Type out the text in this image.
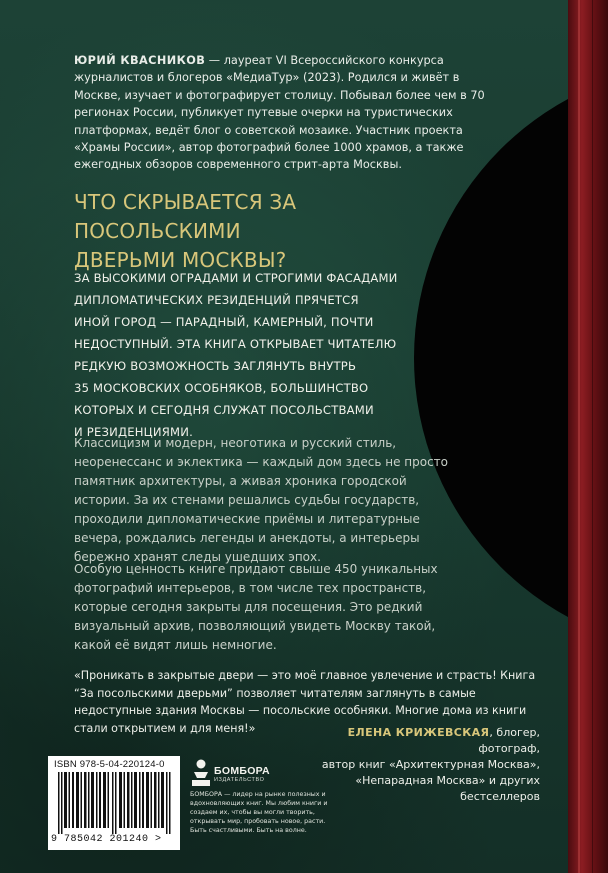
ЮРИЙ КВАСНИКОВ — лауреат VI Всероссийского конкурса журналистов и блогеров «МедиаТур» (2023). Родился и живёт в Москве, изучает и фотографирует столицу. Побывал более чем в 70 регионах России, публикует путевые очерки на туристических платформах, ведёт блог о советской мозаике. Участник проекта «Храмы России», автор фотографий более 1000 храмов, а также ежегодных обзоров современного стрит-арта Москвы.
ЧТО СКРЫВАЕТСЯ ЗА ПОСОЛЬСКИМИ
ДВЕРЬМИ МОСКВЫ?
ЗА ВЫСОКИМИ ОГРАДАМИ И СТРОГИМИ ФАСАДАМИ
ДИПЛОМАТИЧЕСКИХ РЕЗИДЕНЦИЙ ПРЯЧЕТСЯ
ИНОЙ ГОРОД — ПАРАДНЫЙ, КАМЕРНЫЙ, ПОЧТИ
НЕДОСТУПНЫЙ. ЭТА КНИГА ОТКРЫВАЕТ ЧИТАТЕЛЮ
РЕДКУЮ ВОЗМОЖНОСТЬ ЗАГЛЯНУТЬ ВНУТРЬ
35 МОСКОВСКИХ ОСОБНЯКОВ, БОЛЬШИНСТВО
КОТОРЫХ И СЕГОДНЯ СЛУЖАТ ПОСОЛЬСТВАМИ
И РЕЗИДЕНЦИЯМИ.
Классицизм и модерн, неоготика и русский стиль, неоренессанс и эклектика — каждый дом здесь не просто памятник архитектуры, а живая хроника городской истории. За их стенами решались судьбы государств, проходили дипломатические приёмы и литературные вечера, рождались легенды и анекдоты, а интерьеры бережно хранят следы ушедших эпох.
Особую ценность книге придают свыше 450 уникальных фотографий интерьеров, в том числе тех пространств, которые сегодня закрыты для посещения. Это редкий визуальный архив, позволяющий увидеть Москву такой, какой её видят лишь немногие.
«Проникать в закрытые двери — это моё главное увлечение и страсть! Книга “За посольскими дверьми” позволяет читателям заглянуть в самые недоступные здания Москвы — посольские особняки. Многие дома из книги стали открытием и для меня!»	ЕЛЕНА КРИЖЕВСКАЯ, блогер, фотограф,
автор книг «Архитектурная Москва»,
«Непарадная Москва» и других
бестселлеров
ISBN 978-5-04-220124-0
9 785042 201240 >
БОМБОРА
ИЗДАТЕЛЬСТВО
БОМБОРА — лидер на рынке полезных и вдохновляющих книг. Мы любим книги и создаем их, чтобы вы могли творить, открывать мир, пробовать новое, расти. Быть счастливыми. Быть на волне.
